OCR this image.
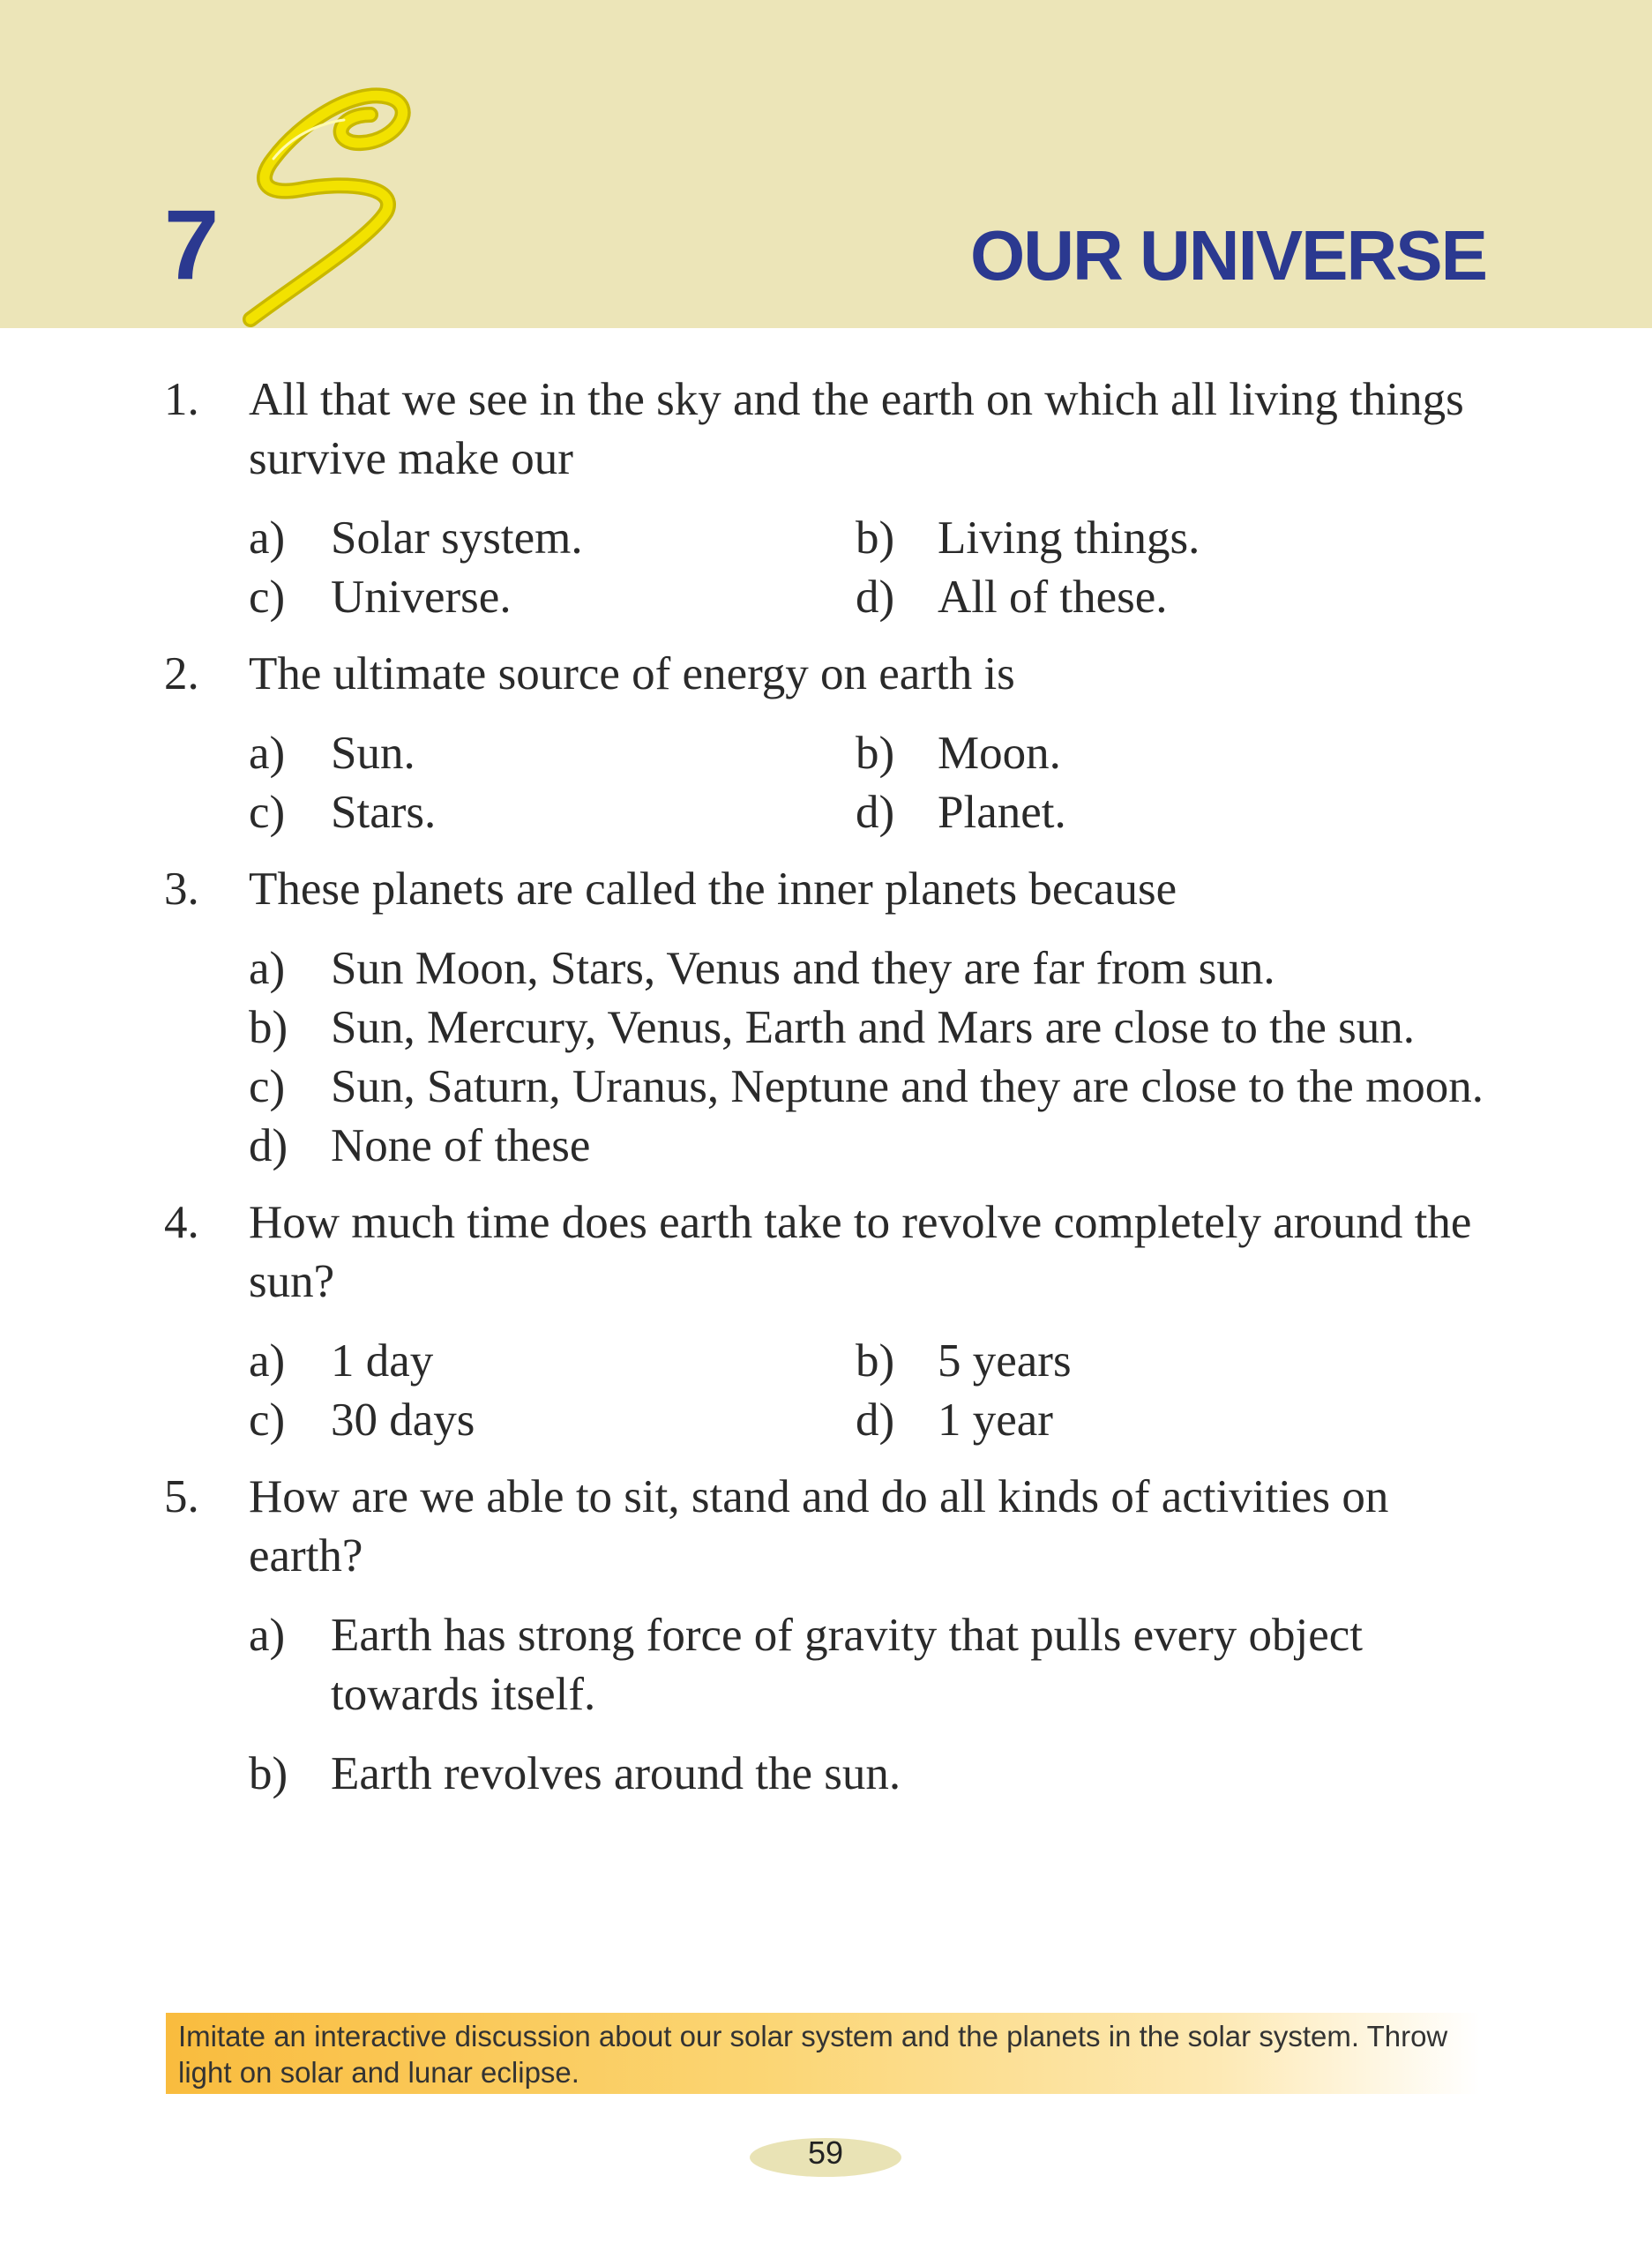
7	OUR UNIVERSE
1. All that we see in the sky and the earth on which all living things survive make our
a) Solar system.	b) Living things.
c) Universe.	d) All of these.
2. The ultimate source of energy on earth is
a) Sun.	b) Moon.
c) Stars.	d) Planet.
3. These planets are called the inner planets because
a) Sun Moon, Stars, Venus and they are far from sun.
b) Sun, Mercury, Venus, Earth and Mars are close to the sun.
c) Sun, Saturn, Uranus, Neptune and they are close to the moon.
d) None of these
4. How much time does earth take to revolve completely around the sun?
a) 1 day	b) 5 years
c) 30 days	d) 1 year
5. How are we able to sit, stand and do all kinds of activities on earth?
a) Earth has strong force of gravity that pulls every object towards itself.
b) Earth revolves around the sun.
Imitate an interactive discussion about our solar system and the planets in the solar system. Throw light on solar and lunar eclipse.
59
